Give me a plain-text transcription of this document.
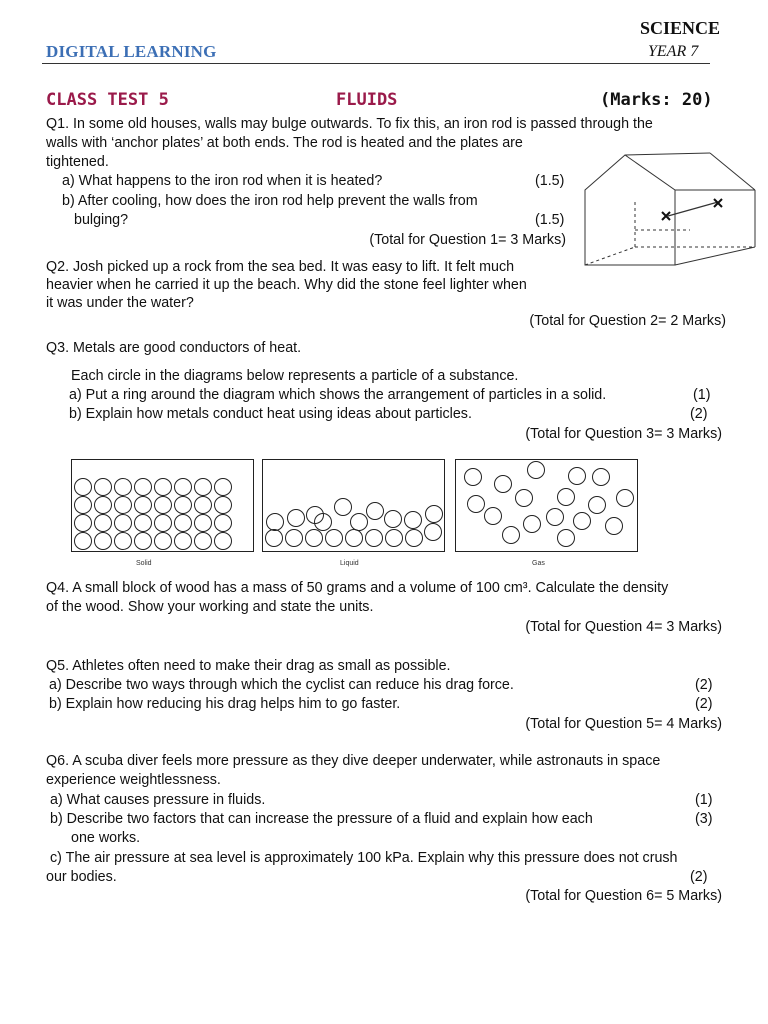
DIGITAL LEARNING
SCIENCE
YEAR 7
CLASS TEST 5	FLUIDS	(Marks: 20)
Q1. In some old houses, walls may bulge outwards. To fix this, an iron rod is passed through the
walls with ‘anchor plates’ at both ends. The rod is heated and the plates are
tightened.
a) What happens to the iron rod when it is heated?	(1.5)
b) After cooling, how does the iron rod help prevent the walls from
bulging?	(1.5)
(Total for Question 1= 3 Marks)
Q2. Josh picked up a rock from the sea bed. It was easy to lift. It felt much
heavier when he carried it up the beach. Why did the stone feel lighter when
it was under the water?
(Total for Question 2= 2 Marks)
Q3. Metals are good conductors of heat.
Each circle in the diagrams below represents a particle of a substance.
a) Put a ring around the diagram which shows the arrangement of particles in a solid.	(1)
b) Explain how metals conduct heat using ideas about particles.	(2)
(Total for Question 3= 3 Marks)
Solid	Liquid	Gas
Q4. A small block of wood has a mass of 50 grams and a volume of 100 cm³. Calculate the density
of the wood. Show your working and state the units.
(Total for Question 4= 3 Marks)
Q5. Athletes often need to make their drag as small as possible.
a) Describe two ways through which the cyclist can reduce his drag force.	(2)
b) Explain how reducing his drag helps him to go faster.	(2)
(Total for Question 5= 4 Marks)
Q6. A scuba diver feels more pressure as they dive deeper underwater, while astronauts in space
experience weightlessness.
a) What causes pressure in fluids.	(1)
b) Describe two factors that can increase the pressure of a fluid and explain how each	(3)
one works.
c) The air pressure at sea level is approximately 100 kPa. Explain why this pressure does not crush
our bodies.	(2)
(Total for Question 6= 5 Marks)
